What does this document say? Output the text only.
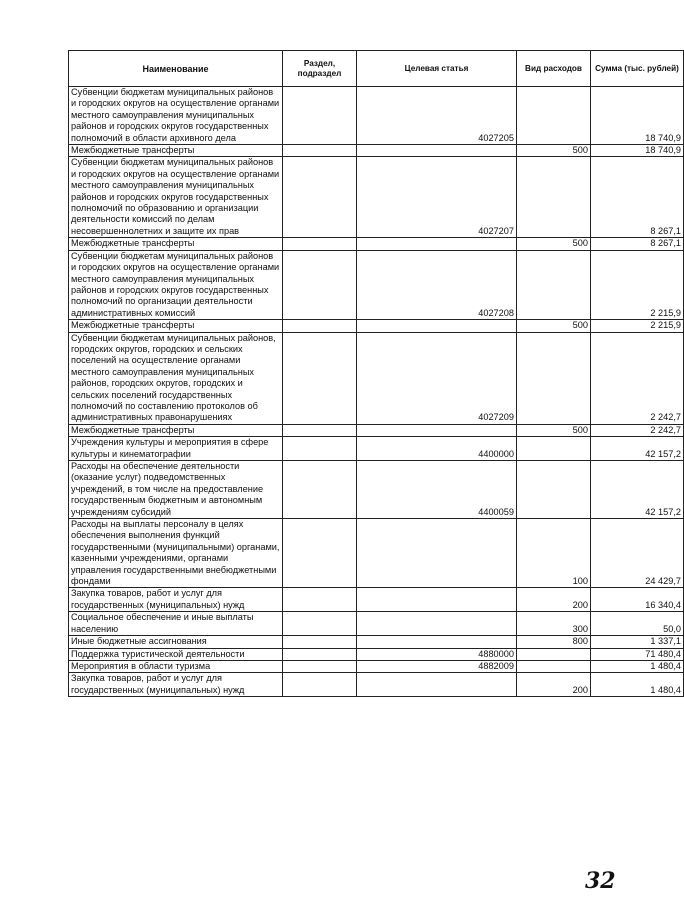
Наименование	Раздел, подраздел	Целевая статья	Вид расходов	Сумма (тыс. рублей)
Субвенции бюджетам муниципальных районов и городских округов на осуществление органами местного самоуправления муниципальных районов и городских округов государственных полномочий в области архивного дела		4027205		18 740,9
Межбюджетные трансферты			500	18 740,9
Субвенции бюджетам муниципальных районов и городских округов на осуществление органами местного самоуправления муниципальных районов и городских округов государственных полномочий по образованию и организации деятельности комиссий по делам несовершеннолетних и защите их прав		4027207		8 267,1
Межбюджетные трансферты			500	8 267,1
Субвенции бюджетам муниципальных районов и городских округов на осуществление органами местного самоуправления муниципальных районов и городских округов государственных полномочий по организации деятельности административных комиссий		4027208		2 215,9
Межбюджетные трансферты			500	2 215,9
Субвенции бюджетам муниципальных районов, городских округов, городских и сельских поселений на осуществление органами местного самоуправления муниципальных районов, городских округов, городских и сельских поселений государственных полномочий по составлению протоколов об административных правонарушениях		4027209		2 242,7
Межбюджетные трансферты			500	2 242,7
Учреждения культуры и мероприятия в сфере культуры и кинематографии		4400000		42 157,2
Расходы на обеспечение деятельности (оказание услуг) подведомственных учреждений, в том числе на предоставление государственным бюджетным и автономным учреждениям субсидий		4400059		42 157,2
Расходы на выплаты персоналу в целях обеспечения выполнения функций государственными (муниципальными) органами, казенными учреждениями, органами управления государственными внебюджетными фондами			100	24 429,7
Закупка товаров, работ и услуг для государственных (муниципальных) нужд			200	16 340,4
Социальное обеспечение и иные выплаты населению			300	50,0
Иные бюджетные ассигнования			800	1 337,1
Поддержка туристической деятельности		4880000		71 480,4
Мероприятия в области туризма		4882009		1 480,4
Закупка товаров, работ и услуг для государственных (муниципальных) нужд			200	1 480,4
32
